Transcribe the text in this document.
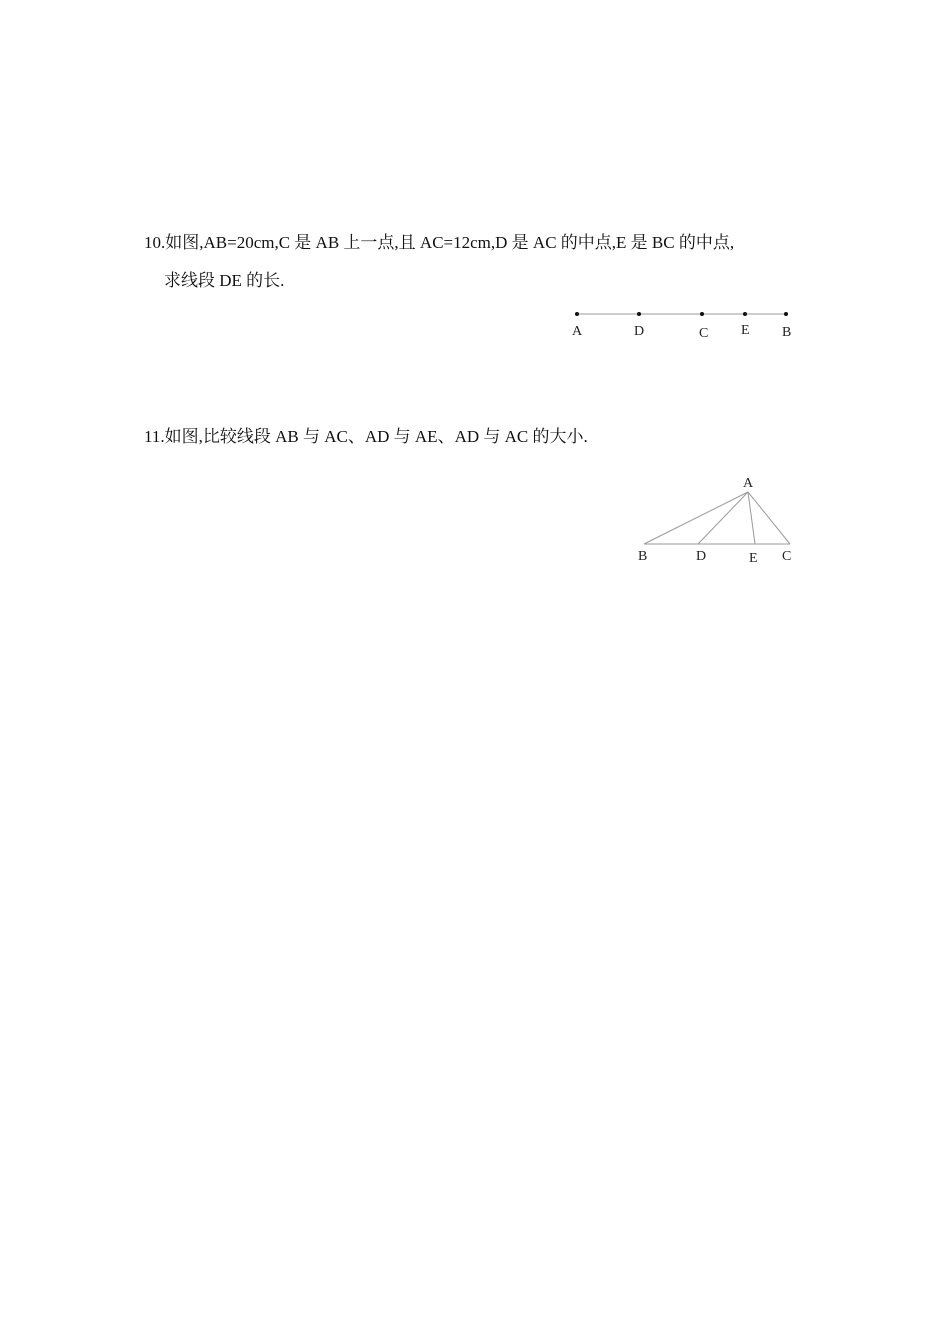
10.如图,AB=20cm,C 是 AB 上一点,且 AC=12cm,D 是 AC 的中点,E 是 BC 的中点,
求线段 DE 的长.
A	D	C E B
11.如图,比较线段 AB 与 AC、AD 与 AE、AD 与 AC 的大小.
A
B	D	E C
